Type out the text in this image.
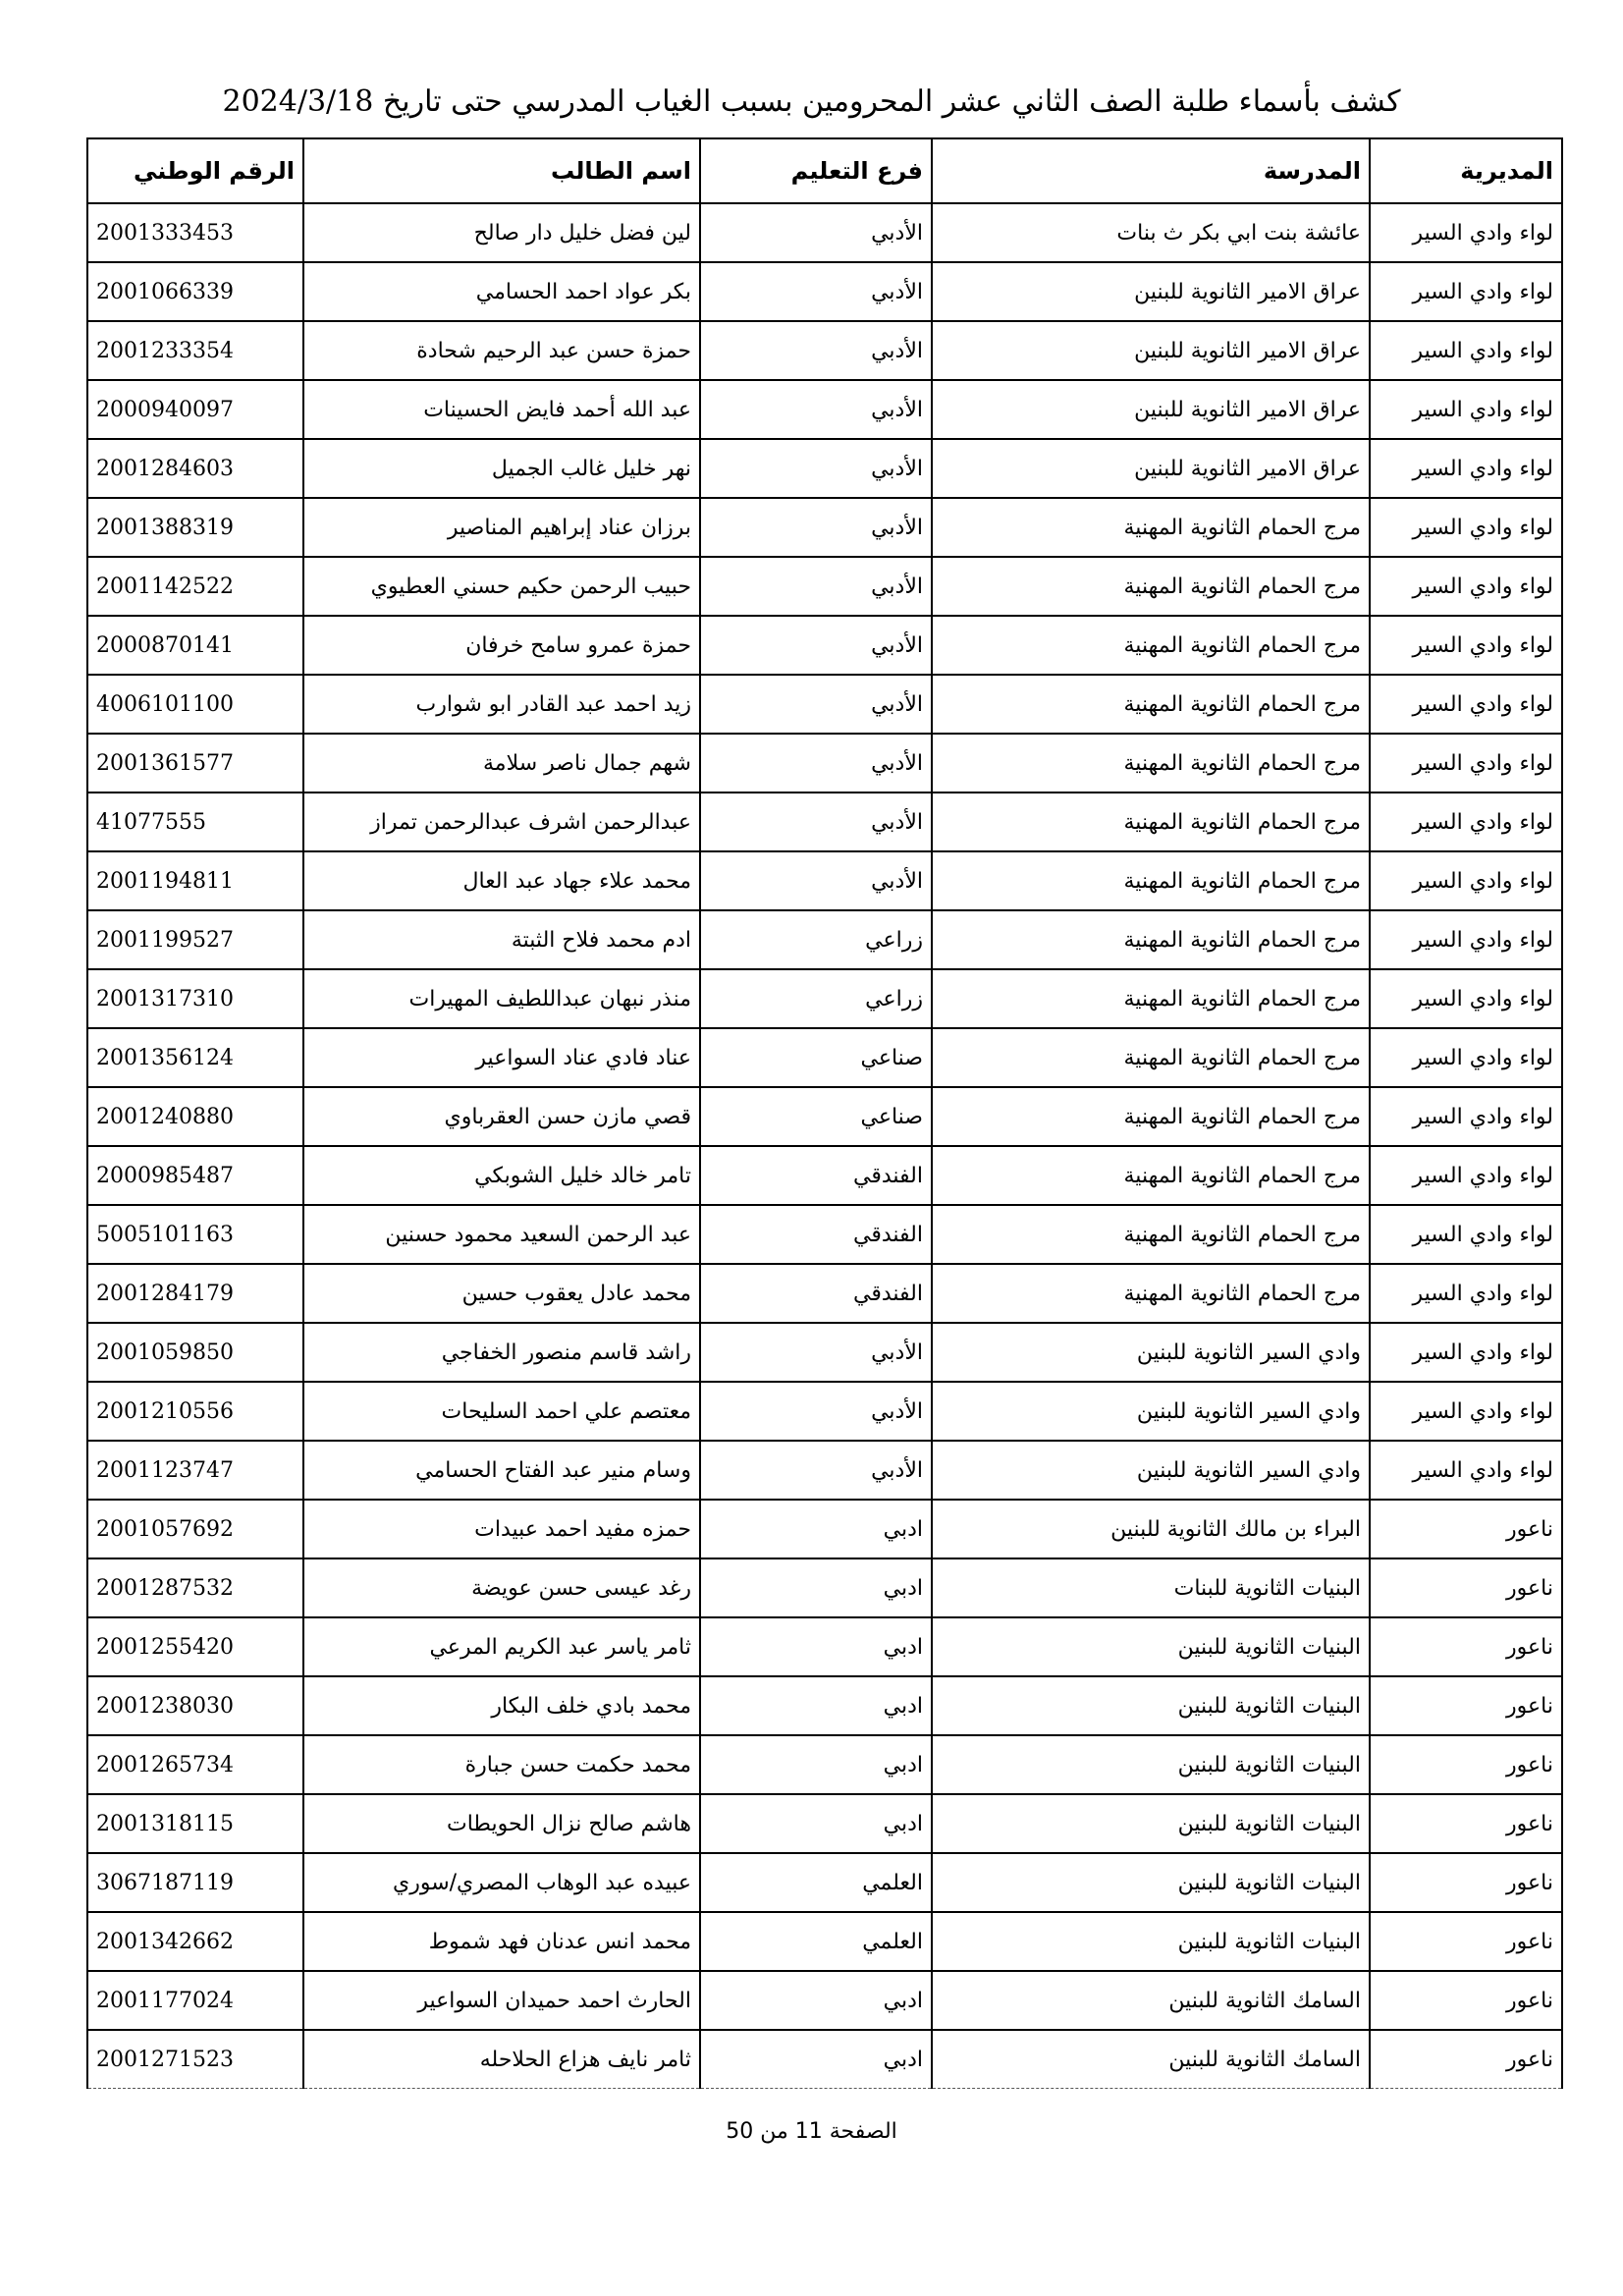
كشف بأسماء طلبة الصف الثاني عشر المحرومين بسبب الغياب المدرسي حتى تاريخ 2024/3/18
المديرية	المدرسة	فرع التعليم	اسم الطالب	الرقم الوطني
لواء وادي السير	عائشة بنت ابي بكر ث بنات	الأدبي	لين فضل خليل دار صالح	2001333453
لواء وادي السير	عراق الامير الثانوية للبنين	الأدبي	بكر عواد احمد الحسامي	2001066339
لواء وادي السير	عراق الامير الثانوية للبنين	الأدبي	حمزة حسن عبد الرحيم شحادة	2001233354
لواء وادي السير	عراق الامير الثانوية للبنين	الأدبي	عبد الله أحمد فايض الحسينات	2000940097
لواء وادي السير	عراق الامير الثانوية للبنين	الأدبي	نهر خليل غالب الجميل	2001284603
لواء وادي السير	مرج الحمام الثانوية المهنية	الأدبي	برزان عناد إبراهيم المناصير	2001388319
لواء وادي السير	مرج الحمام الثانوية المهنية	الأدبي	حبيب الرحمن حكيم حسني العطيوي	2001142522
لواء وادي السير	مرج الحمام الثانوية المهنية	الأدبي	حمزة عمرو سامح خرفان	2000870141
لواء وادي السير	مرج الحمام الثانوية المهنية	الأدبي	زيد احمد عبد القادر ابو شوارب	4006101100
لواء وادي السير	مرج الحمام الثانوية المهنية	الأدبي	شهم جمال ناصر سلامة	2001361577
لواء وادي السير	مرج الحمام الثانوية المهنية	الأدبي	عبدالرحمن اشرف عبدالرحمن تمراز	41077555
لواء وادي السير	مرج الحمام الثانوية المهنية	الأدبي	محمد علاء جهاد عبد العال	2001194811
لواء وادي السير	مرج الحمام الثانوية المهنية	زراعي	ادم محمد فلاح الثبتة	2001199527
لواء وادي السير	مرج الحمام الثانوية المهنية	زراعي	منذر نبهان عبداللطيف المهيرات	2001317310
لواء وادي السير	مرج الحمام الثانوية المهنية	صناعي	عناد فادي عناد السواعير	2001356124
لواء وادي السير	مرج الحمام الثانوية المهنية	صناعي	قصي مازن حسن العقرباوي	2001240880
لواء وادي السير	مرج الحمام الثانوية المهنية	الفندقي	تامر خالد خليل الشوبكي	2000985487
لواء وادي السير	مرج الحمام الثانوية المهنية	الفندقي	عبد الرحمن السعيد محمود حسنين	5005101163
لواء وادي السير	مرج الحمام الثانوية المهنية	الفندقي	محمد عادل يعقوب حسين	2001284179
لواء وادي السير	وادي السير الثانوية للبنين	الأدبي	راشد قاسم منصور الخفاجي	2001059850
لواء وادي السير	وادي السير الثانوية للبنين	الأدبي	معتصم علي احمد السليحات	2001210556
لواء وادي السير	وادي السير الثانوية للبنين	الأدبي	وسام منير عبد الفتاح الحسامي	2001123747
ناعور	البراء بن مالك الثانوية للبنين	ادبي	حمزه مفيد احمد عبيدات	2001057692
ناعور	البنيات الثانوية للبنات	ادبي	رغد عيسى حسن عويضة	2001287532
ناعور	البنيات الثانوية للبنين	ادبي	ثامر ياسر عبد الكريم المرعي	2001255420
ناعور	البنيات الثانوية للبنين	ادبي	محمد بادي خلف البكار	2001238030
ناعور	البنيات الثانوية للبنين	ادبي	محمد حكمت حسن جبارة	2001265734
ناعور	البنيات الثانوية للبنين	ادبي	هاشم صالح نزال الحويطات	2001318115
ناعور	البنيات الثانوية للبنين	العلمي	عبيده عبد الوهاب المصري/سوري	3067187119
ناعور	البنيات الثانوية للبنين	العلمي	محمد انس عدنان فهد شموط	2001342662
ناعور	السامك الثانوية للبنين	ادبي	الحارث احمد حميدان السواعير	2001177024
ناعور	السامك الثانوية للبنين	ادبي	ثامر نايف هزاع الحلاحله	2001271523
الصفحة 11 من 50
